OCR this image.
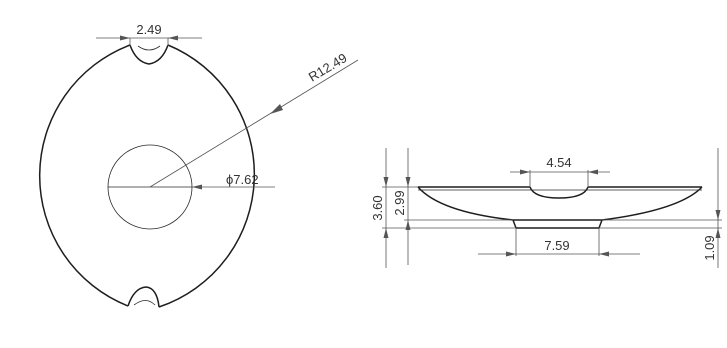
2.49
R12.49
ϕ7.62
4.54
3.60 2.99
1.09
7.59
